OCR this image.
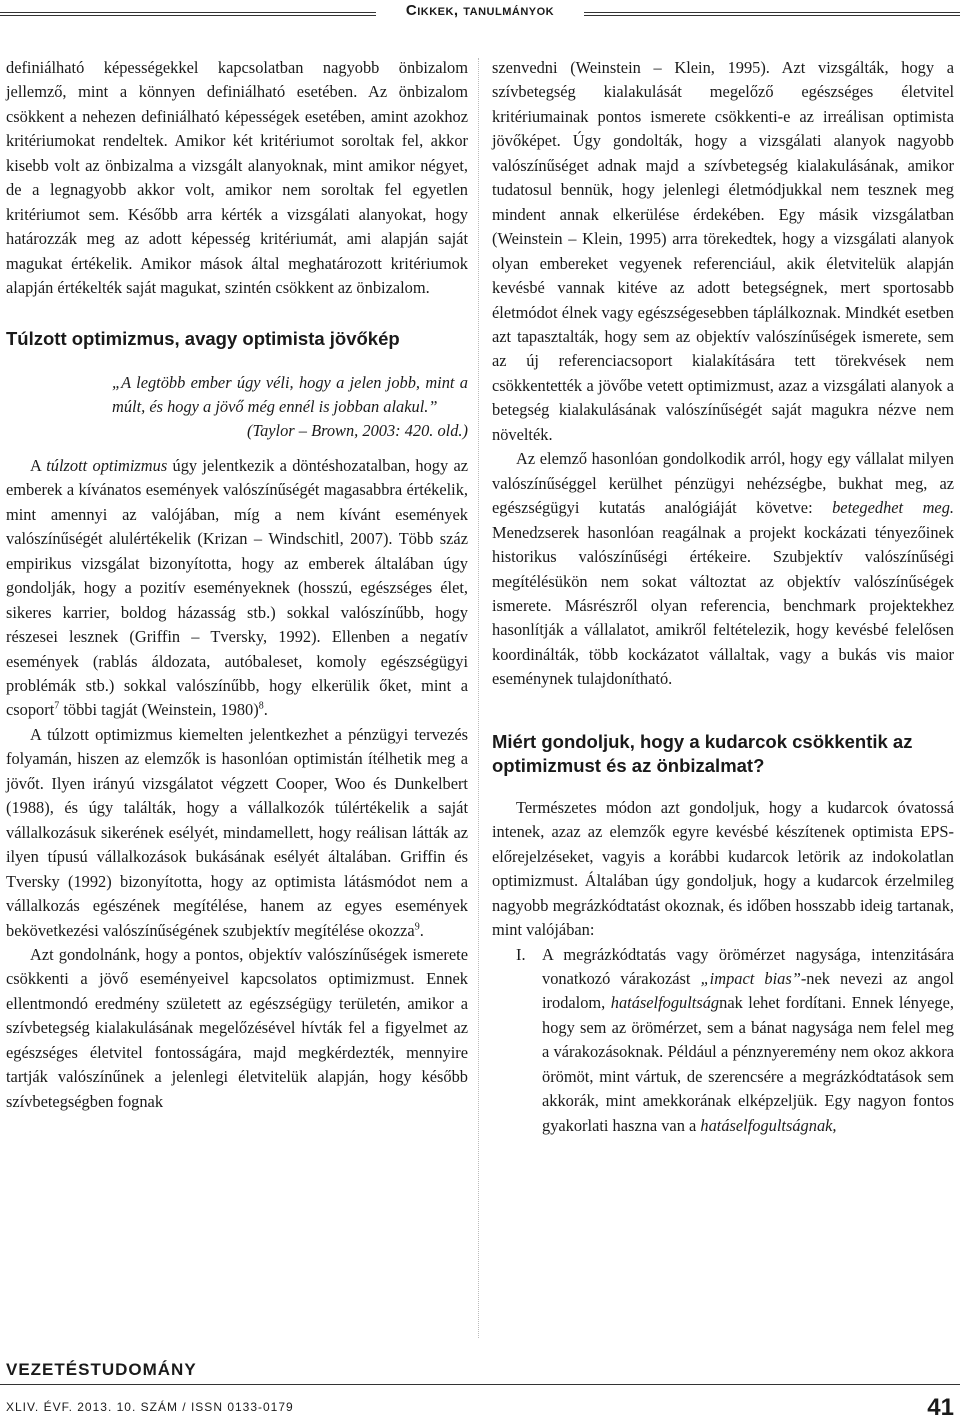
Cikkek, tanulmányok

definiálható képességekkel kapcsolatban nagyobb önbizalom jellemző, mint a könnyen definiálható esetében. Az önbizalom csökkent a nehezen definiálható képességek esetében, amint azokhoz kritériumokat rendeltek. Amikor két kritériumot soroltak fel, akkor kisebb volt az önbizalma a vizsgált alanyoknak, mint amikor négyet, de a legnagyobb akkor volt, amikor nem soroltak fel egyetlen kritériumot sem. Később arra kérték a vizsgálati alanyokat, hogy határozzák meg az adott képesség kritériumát, ami alapján saját magukat értékelik. Amikor mások által meghatározott kritériumok alapján értékelték saját magukat, szintén csökkent az önbizalom.

Túlzott optimizmus, avagy optimista jövőkép
„A legtöbb ember úgy véli, hogy a jelen jobb, mint a múlt, és hogy a jövő még ennél is jobban alakul.”
(Taylor – Brown, 2003: 420. old.)

A túlzott optimizmus úgy jelentkezik a döntéshozatalban, hogy az emberek a kívánatos események valószínűségét magasabbra értékelik, mint amennyi az valójában, míg a nem kívánt események valószínűségét alulértékelik (Krizan – Windschitl, 2007). Több száz empirikus vizsgálat bizonyította, hogy az emberek általában úgy gondolják, hogy a pozitív eseményeknek (hosszú, egészséges élet, sikeres karrier, boldog házasság stb.) sokkal valószínűbb, hogy részesei lesznek (Griffin – Tversky, 1992). Ellenben a negatív események (rablás áldozata, autóbaleset, komoly egészségügyi problémák stb.) sokkal valószínűbb, hogy elkerülik őket, mint a csoport$^7$ többi tagját (Weinstein, 1980)$^8$.

A túlzott optimizmus kiemelten jelentkezhet a pénzügyi tervezés folyamán, hiszen az elemzők is hasonlóan optimistán ítélhetik meg a jövőt. Ilyen irányú vizsgálatot végzett Cooper, Woo és Dunkelbert (1988), és úgy találták, hogy a vállalkozók túlértékelik a saját vállalkozásuk sikerének esélyét, mindamellett, hogy reálisan látták az ilyen típusú vállalkozások bukásának esélyét általában. Griffin és Tversky (1992) bizonyította, hogy az optimista látásmódot nem a vállalkozás egészének megítélése, hanem az egyes események bekövetkezési valószínűségének szubjektív megítélése okozza$^9$.

Azt gondolnánk, hogy a pontos, objektív valószínűségek ismerete csökkenti a jövő eseményeivel kapcsolatos optimizmust. Ennek ellentmondó eredmény született az egészségügy területén, amikor a szívbetegség kialakulásának megelőzésével hívták fel a figyelmet az egészséges életvitel fontosságára, majd megkérdezték, mennyire tartják valószínűnek a jelenlegi életvitelük alapján, hogy később szívbetegségben fognak

szenvedni (Weinstein – Klein, 1995). Azt vizsgálták, hogy a szívbetegség kialakulását megelőző egészséges életvitel kritériumainak pontos ismerete csökkenti-e az irreálisan optimista jövőképet. Úgy gondolták, hogy a vizsgálati alanyok nagyobb valószínűséget adnak majd a szívbetegség kialakulásának, amikor tudatosul bennük, hogy jelenlegi életmódjukkal nem tesznek meg mindent annak elkerülése érdekében. Egy másik vizsgálatban (Weinstein – Klein, 1995) arra törekedtek, hogy a vizsgálati alanyok olyan embereket vegyenek referenciául, akik életvitelük alapján kevésbé vannak kitéve az adott betegségnek, mert sportosabb életmódot élnek vagy egészségesebben táplálkoznak. Mindkét esetben azt tapasztalták, hogy sem az objektív valószínűségek ismerete, sem az új referenciacsoport kialakítására tett törekvések nem csökkentették a jövőbe vetett optimizmust, azaz a vizsgálati alanyok a betegség kialakulásának valószínűségét saját magukra nézve nem növelték.

Az elemző hasonlóan gondolkodik arról, hogy egy vállalat milyen valószínűséggel kerülhet pénzügyi nehézségbe, bukhat meg, az egészségügyi kutatás analógiáját követve: betegedhet meg. Menedzserek hasonlóan reagálnak a projekt kockázati tényezőinek historikus valószínűségi értékeire. Szubjektív valószínűségi megítélésükön nem sokat változtat az objektív valószínűségek ismerete. Másrészről olyan referencia, benchmark projektekhez hasonlítják a vállalatot, amikről feltételezik, hogy kevésbé felelősen koordinálták, több kockázatot vállaltak, vagy a bukás vis maior eseménynek tulajdonítható.

Miért gondoljuk, hogy a kudarcok csökkentik az optimizmust és az önbizalmat?

Természetes módon azt gondoljuk, hogy a kudarcok óvatossá intenek, azaz az elemzők egyre kevésbé készítenek optimista EPS-előrejelzéseket, vagyis a korábbi kudarcok letörik az indokolatlan optimizmust. Általában úgy gondoljuk, hogy a kudarcok érzelmileg nagyobb megrázkódtatást okoznak, és időben hosszabb ideig tartanak, mint valójában:

I.	A megrázkódtatás vagy örömérzet nagysága, intenzitására vonatkozó várakozást „impact bias”-nek nevezi az angol irodalom, hatáselfogultságnak lehet fordítani. Ennek lényege, hogy sem az örömérzet, sem a bánat nagysága nem felel meg a várakozásoknak. Például a pénznyeremény nem okoz akkora örömöt, mint vártuk, de szerencsére a megrázkódtatások sem akkorák, mint amekkorának elképzeljük. Egy nagyon fontos gyakorlati haszna van a hatáselfogultságnak,
VEZETÉSTUDOMÁNY
XLIV. ÉVF. 2013. 10. SZÁM / ISSN 0133-0179	41
